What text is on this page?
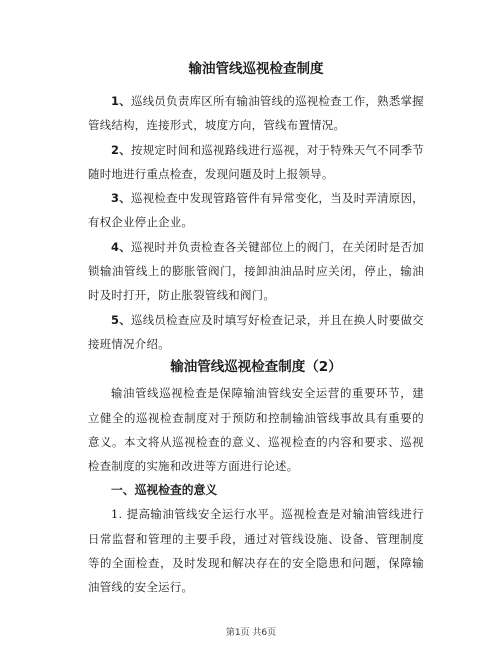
输油管线巡视检查制度

1、巡线员负责库区所有输油管线的巡视检查工作，熟悉掌握管线结构，连接形式，坡度方向，管线布置情况。

2、按规定时间和巡视路线进行巡视，对于特殊天气不同季节随时地进行重点检查，发现问题及时上报领导。

3、巡视检查中发现管路管件有异常变化，当及时弄清原因，有权企业停止企业。

4、巡视时并负责检查各关键部位上的阀门，在关闭时是否加锁输油管线上的膨胀管阀门，接卸油油品时应关闭，停止，输油时及时打开，防止胀裂管线和阀门。

5、巡线员检查应及时填写好检查记录，并且在换人时要做交接班情况介绍。

输油管线巡视检查制度（2）

输油管线巡视检查是保障输油管线安全运营的重要环节，建立健全的巡视检查制度对于预防和控制输油管线事故具有重要的意义。本文将从巡视检查的意义、巡视检查的内容和要求、巡视检查制度的实施和改进等方面进行论述。

一、巡视检查的意义

1. 提高输油管线安全运行水平。巡视检查是对输油管线进行日常监督和管理的主要手段，通过对管线设施、设备、管理制度等的全面检查，及时发现和解决存在的安全隐患和问题，保障输油管线的安全运行。

第1页 共6页
